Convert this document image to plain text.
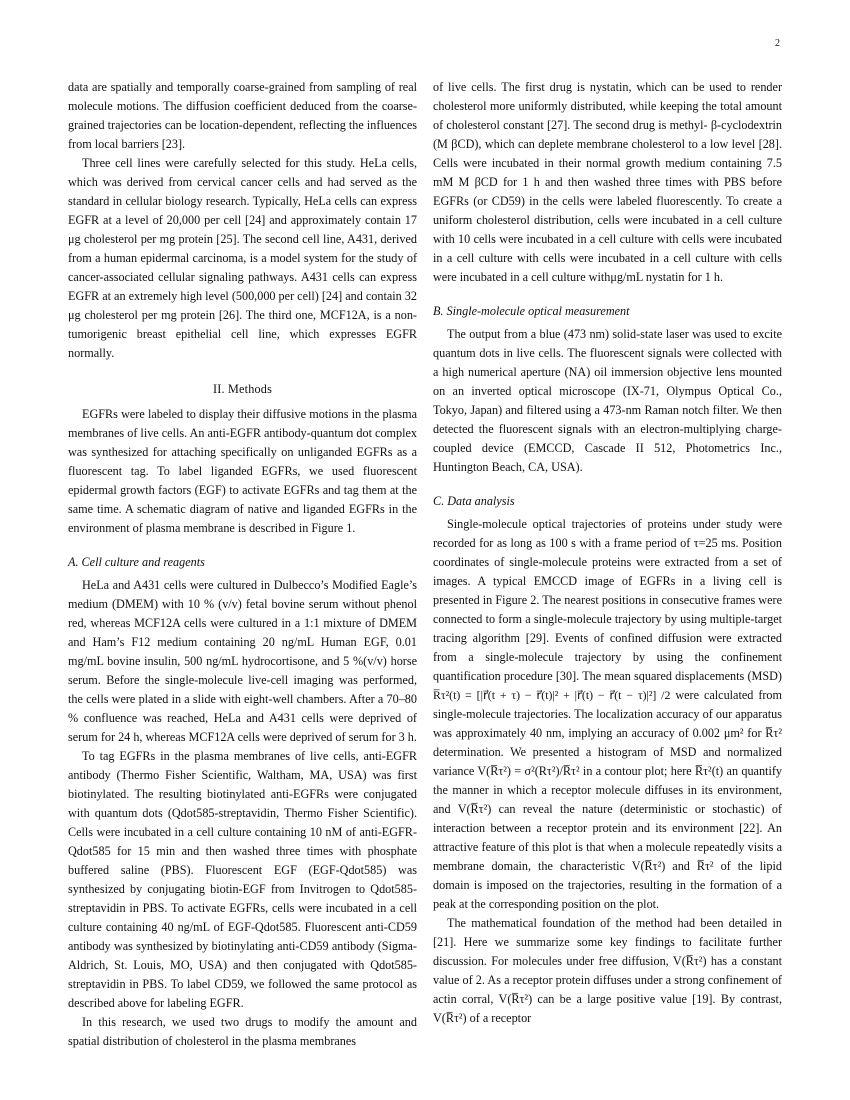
2

data are spatially and temporally coarse-grained from sampling of real molecule motions. The diffusion coefficient deduced from the coarse-grained trajectories can be location-dependent, reflecting the influences from local barriers [23].

Three cell lines were carefully selected for this study. HeLa cells, which was derived from cervical cancer cells and had served as the standard in cellular biology research. Typically, HeLa cells can express EGFR at a level of 20,000 per cell [24] and approximately contain 17 μg cholesterol per mg protein [25]. The second cell line, A431, derived from a human epidermal carcinoma, is a model system for the study of cancer-associated cellular signaling pathways. A431 cells can express EGFR at an extremely high level (500,000 per cell) [24] and contain 32 μg cholesterol per mg protein [26]. The third one, MCF12A, is a non-tumorigenic breast epithelial cell line, which expresses EGFR normally.

II. Methods

EGFRs were labeled to display their diffusive motions in the plasma membranes of live cells. An anti-EGFR antibody-quantum dot complex was synthesized for attaching specifically on unliganded EGFRs as a fluorescent tag. To label liganded EGFRs, we used fluorescent epidermal growth factors (EGF) to activate EGFRs and tag them at the same time. A schematic diagram of native and liganded EGFRs in the environment of plasma membrane is described in Figure 1.

A. Cell culture and reagents

HeLa and A431 cells were cultured in Dulbecco’s Modified Eagle’s medium (DMEM) with 10 % (v/v) fetal bovine serum without phenol red, whereas MCF12A cells were cultured in a 1:1 mixture of DMEM and Ham’s F12 medium containing 20 ng/mL Human EGF, 0.01 mg/mL bovine insulin, 500 ng/mL hydrocortisone, and 5 %(v/v) horse serum. Before the single-molecule live-cell imaging was performed, the cells were plated in a slide with eight-well chambers. After a 70–80 % confluence was reached, HeLa and A431 cells were deprived of serum for 24 h, whereas MCF12A cells were deprived of serum for 3 h.

To tag EGFRs in the plasma membranes of live cells, anti-EGFR antibody (Thermo Fisher Scientific, Waltham, MA, USA) was first biotinylated. The resulting biotinylated anti-EGFRs were conjugated with quantum dots (Qdot585-streptavidin, Thermo Fisher Scientific). Cells were incubated in a cell culture containing 10 nM of anti-EGFR-Qdot585 for 15 min and then washed three times with phosphate buffered saline (PBS). Fluorescent EGF (EGF-Qdot585) was synthesized by conjugating biotin-EGF from Invitrogen to Qdot585-streptavidin in PBS. To activate EGFRs, cells were incubated in a cell culture containing 40 ng/mL of EGF-Qdot585. Fluorescent anti-CD59 antibody was synthesized by biotinylating anti-CD59 antibody (Sigma-Aldrich, St. Louis, MO, USA) and then conjugated with Qdot585-streptavidin in PBS. To label CD59, we followed the same protocol as described above for labeling EGFR.

In this research, we used two drugs to modify the amount and spatial distribution of cholesterol in the plasma membranes

of live cells. The first drug is nystatin, which can be used to render cholesterol more uniformly distributed, while keeping the total amount of cholesterol constant [27]. The second drug is methyl- β-cyclodextrin (M βCD), which can deplete membrane cholesterol to a low level [28]. Cells were incubated in their normal growth medium containing 7.5 mM M βCD for 1 h and then washed three times with PBS before EGFRs (or CD59) in the cells were labeled fluorescently. To create a uniform cholesterol distribution, cells were incubated in a cell culture with 10 cells were incubated in a cell culture with cells were incubated in a cell culture with cells were incubated in a cell culture with cells were incubated in a cell culture withμg/mL nystatin for 1 h.

B. Single-molecule optical measurement

The output from a blue (473 nm) solid-state laser was used to excite quantum dots in live cells. The fluorescent signals were collected with a high numerical aperture (NA) oil immersion objective lens mounted on an inverted optical microscope (IX-71, Olympus Optical Co., Tokyo, Japan) and filtered using a 473-nm Raman notch filter. We then detected the fluorescent signals with an electron-multiplying charge-coupled device (EMCCD, Cascade II 512, Photometrics Inc., Huntington Beach, CA, USA).

C. Data analysis

Single-molecule optical trajectories of proteins under study were recorded for as long as 100 s with a frame period of τ=25 ms. Position coordinates of single-molecule proteins were extracted from a set of images. A typical EMCCD image of EGFRs in a living cell is presented in Figure 2. The nearest positions in consecutive frames were connected to form a single-molecule trajectory by using multiple-target tracing algorithm [29]. Events of confined diffusion were extracted from a single-molecule trajectory by using the confinement quantification procedure [30]. The mean squared displacements (MSD) R̅τ²(t) = [|r⃗(t + τ) − r⃗(t)|² + |r⃗(t) − r⃗(t − τ)|²] /2 were calculated from single-molecule trajectories. The localization accuracy of our apparatus was approximately 40 nm, implying an accuracy of 0.002 μm² for R̅τ² determination. We presented a histogram of MSD and normalized variance V(R̅τ²) = σ²(Rτ²)/R̅τ² in a contour plot; here R̅τ²(t) an quantify the manner in which a receptor molecule diffuses in its environment, and V(R̅τ²) can reveal the nature (deterministic or stochastic) of interaction between a receptor protein and its environment [22]. An attractive feature of this plot is that when a molecule repeatedly visits a membrane domain, the characteristic V(R̅τ²) and R̅τ² of the lipid domain is imposed on the trajectories, resulting in the formation of a peak at the corresponding position on the plot.

The mathematical foundation of the method had been detailed in [21]. Here we summarize some key findings to facilitate further discussion. For molecules under free diffusion, V(R̅τ²) has a constant value of 2. As a receptor protein diffuses under a strong confinement of actin corral, V(R̅τ²) can be a large positive value [19]. By contrast, V(R̅τ²) of a receptor
